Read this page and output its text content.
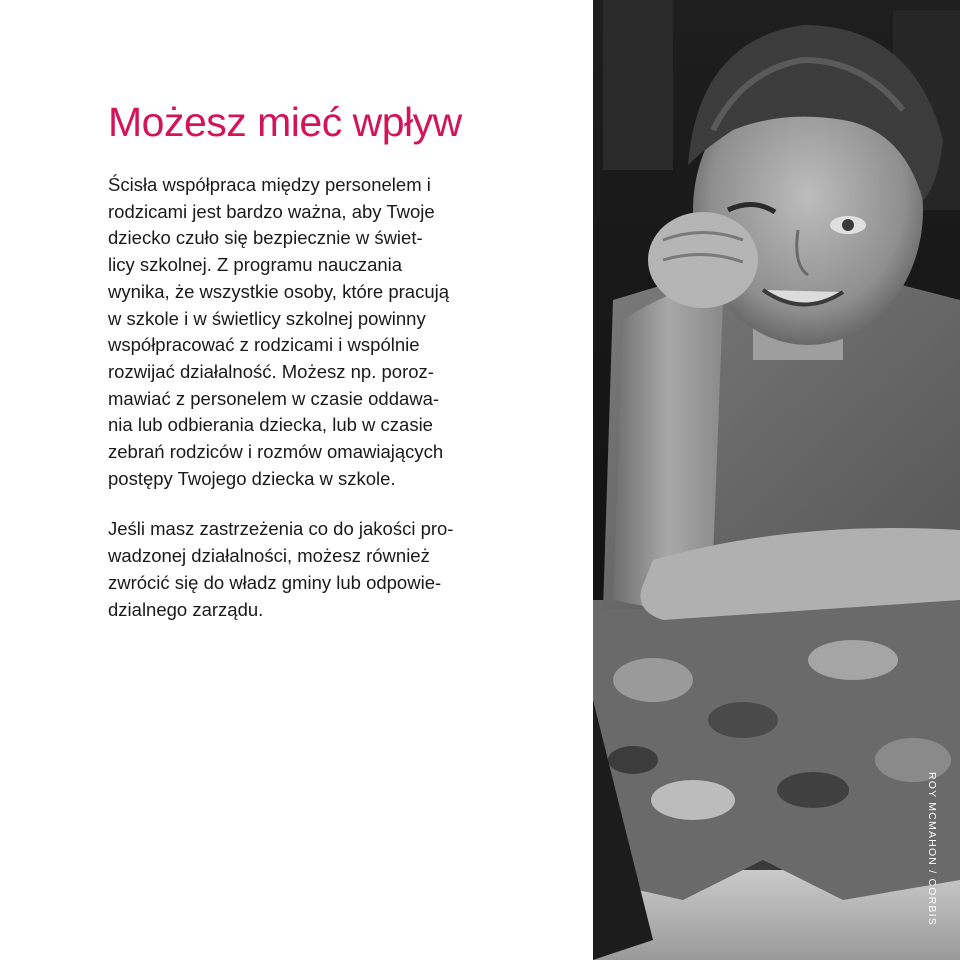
Możesz mieć wpływ

Ścisła współpraca między personelem i
rodzicami jest bardzo ważna, aby Twoje
dziecko czuło się bezpiecznie w świet-
licy szkolnej. Z programu nauczania
wynika, że wszystkie osoby, które pracują
w szkole i w świetlicy szkolnej powinny
współpracować z rodzicami i wspólnie
rozwijać działalność. Możesz np. poroz-
mawiać z personelem w czasie oddawa-
nia lub odbierania dziecka, lub w czasie
zebrań rodziców i rozmów omawiających
postępy Twojego dziecka w szkole.

Jeśli masz zastrzeżenia co do jakości pro-
wadzonej działalności, możesz również
zwrócić się do władz gminy lub odpowie-
dzialnego zarządu.

ROY MCMAHON / CORBIS
